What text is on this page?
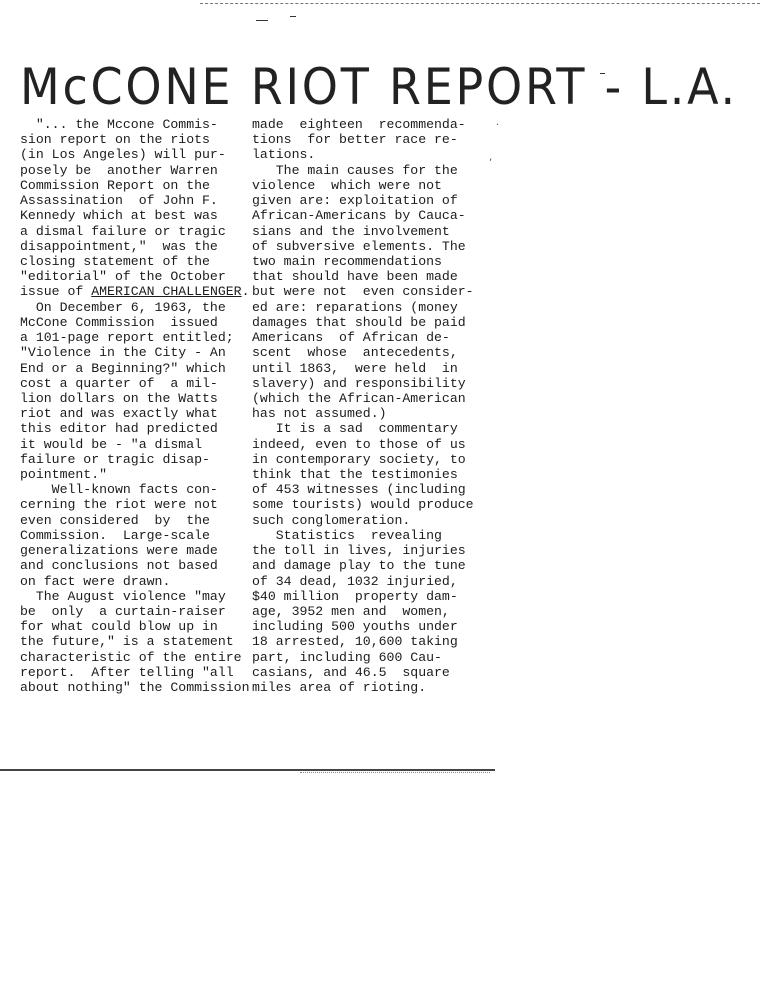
McCONE RIOT REPORT - L.A.
"... the Mccone Commis-
sion report on the riots
(in Los Angeles) will pur-
posely be  another Warren
Commission Report on the
Assassination  of John F.
Kennedy which at best was
a dismal failure or tragic
disappointment,"  was the
closing statement of the
"editorial" of the October
issue of AMERICAN CHALLENGER.
On December 6, 1963, the
McCone Commission  issued
a 101-page report entitled;
"Violence in the City - An
End or a Beginning?" which
cost a quarter of  a mil-
lion dollars on the Watts
riot and was exactly what
this editor had predicted
it would be - "a dismal
failure or tragic disap-
pointment."
Well-known facts con-
cerning the riot were not
even considered  by  the
Commission.  Large-scale
generalizations were made
and conclusions not based
on fact were drawn.
The August violence "may
be  only  a curtain-raiser
for what could blow up in
the future," is a statement
characteristic of the entire
report.  After telling "all
about nothing" the Commission
made  eighteen  recommenda-
tions  for better race re-
lations.
The main causes for the
violence  which were not
given are: exploitation of
African-Americans by Cauca-
sians and the involvement
of subversive elements. The
two main recommendations
that should have been made
but were not  even consider-
ed are: reparations (money
damages that should be paid
Americans  of African de-
scent  whose  antecedents,
until 1863,  were held  in
slavery) and responsibility
(which the African-American
has not assumed.)
It is a sad  commentary
indeed, even to those of us
in contemporary society, to
think that the testimonies
of 453 witnesses (including
some tourists) would produce
such conglomeration.
Statistics  revealing
the toll in lives, injuries
and damage play to the tune
of 34 dead, 1032 injuried,
$40 million  property dam-
age, 3952 men and  women,
including 500 youths under
18 arrested, 10,600 taking
part, including 600 Cau-
casians, and 46.5  square
miles area of rioting.
·
,
